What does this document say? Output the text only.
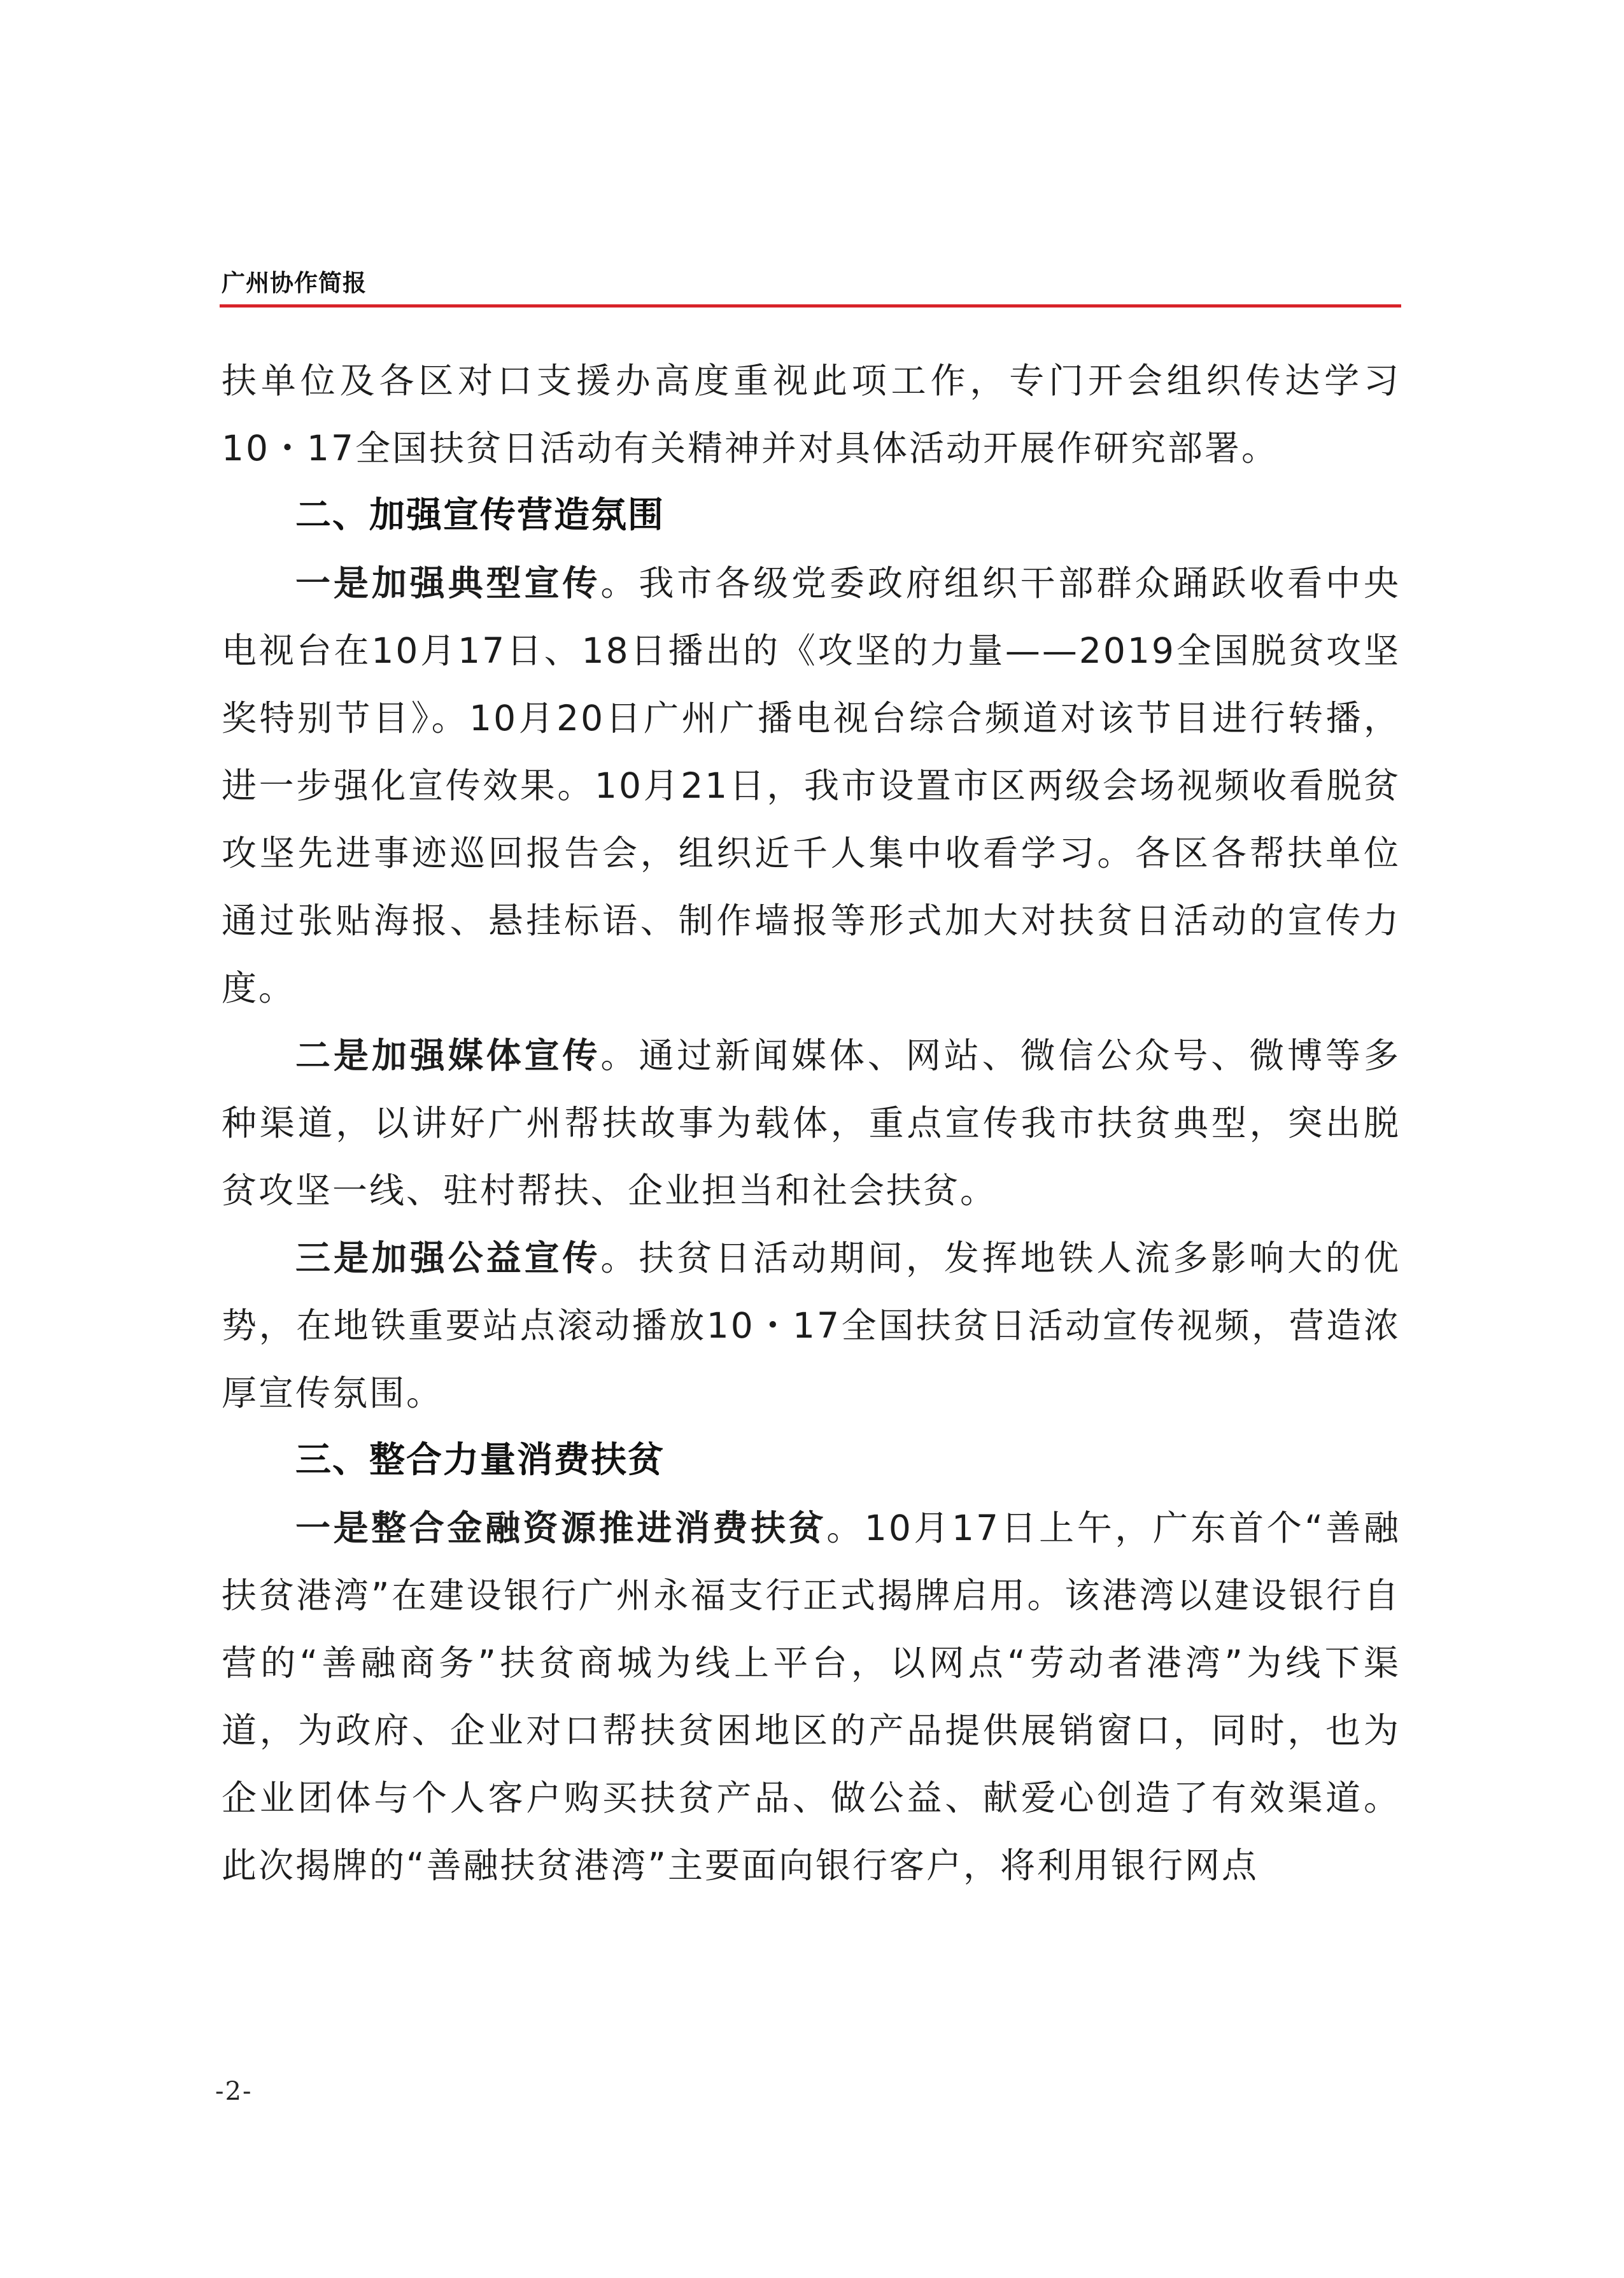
广州协作简报

扶单位及各区对口支援办高度重视此项工作，专门开会组织传达学习10・17全国扶贫日活动有关精神并对具体活动开展作研究部署。

二、加强宣传营造氛围

一是加强典型宣传。我市各级党委政府组织干部群众踊跃收看中央电视台在10月17日、18日播出的《攻坚的力量——2019全国脱贫攻坚奖特别节目》。10月20日广州广播电视台综合频道对该节目进行转播，进一步强化宣传效果。10月21日，我市设置市区两级会场视频收看脱贫攻坚先进事迹巡回报告会，组织近千人集中收看学习。各区各帮扶单位通过张贴海报、悬挂标语、制作墙报等形式加大对扶贫日活动的宣传力度。

二是加强媒体宣传。通过新闻媒体、网站、微信公众号、微博等多种渠道，以讲好广州帮扶故事为载体，重点宣传我市扶贫典型，突出脱贫攻坚一线、驻村帮扶、企业担当和社会扶贫。

三是加强公益宣传。扶贫日活动期间，发挥地铁人流多影响大的优势，在地铁重要站点滚动播放10・17全国扶贫日活动宣传视频，营造浓厚宣传氛围。

三、整合力量消费扶贫

一是整合金融资源推进消费扶贫。10月17日上午，广东首个“善融扶贫港湾”在建设银行广州永福支行正式揭牌启用。该港湾以建设银行自营的“善融商务”扶贫商城为线上平台，以网点“劳动者港湾”为线下渠道，为政府、企业对口帮扶贫困地区的产品提供展销窗口，同时，也为企业团体与个人客户购买扶贫产品、做公益、献爱心创造了有效渠道。此次揭牌的“善融扶贫港湾”主要面向银行客户，将利用银行网点

-2-
